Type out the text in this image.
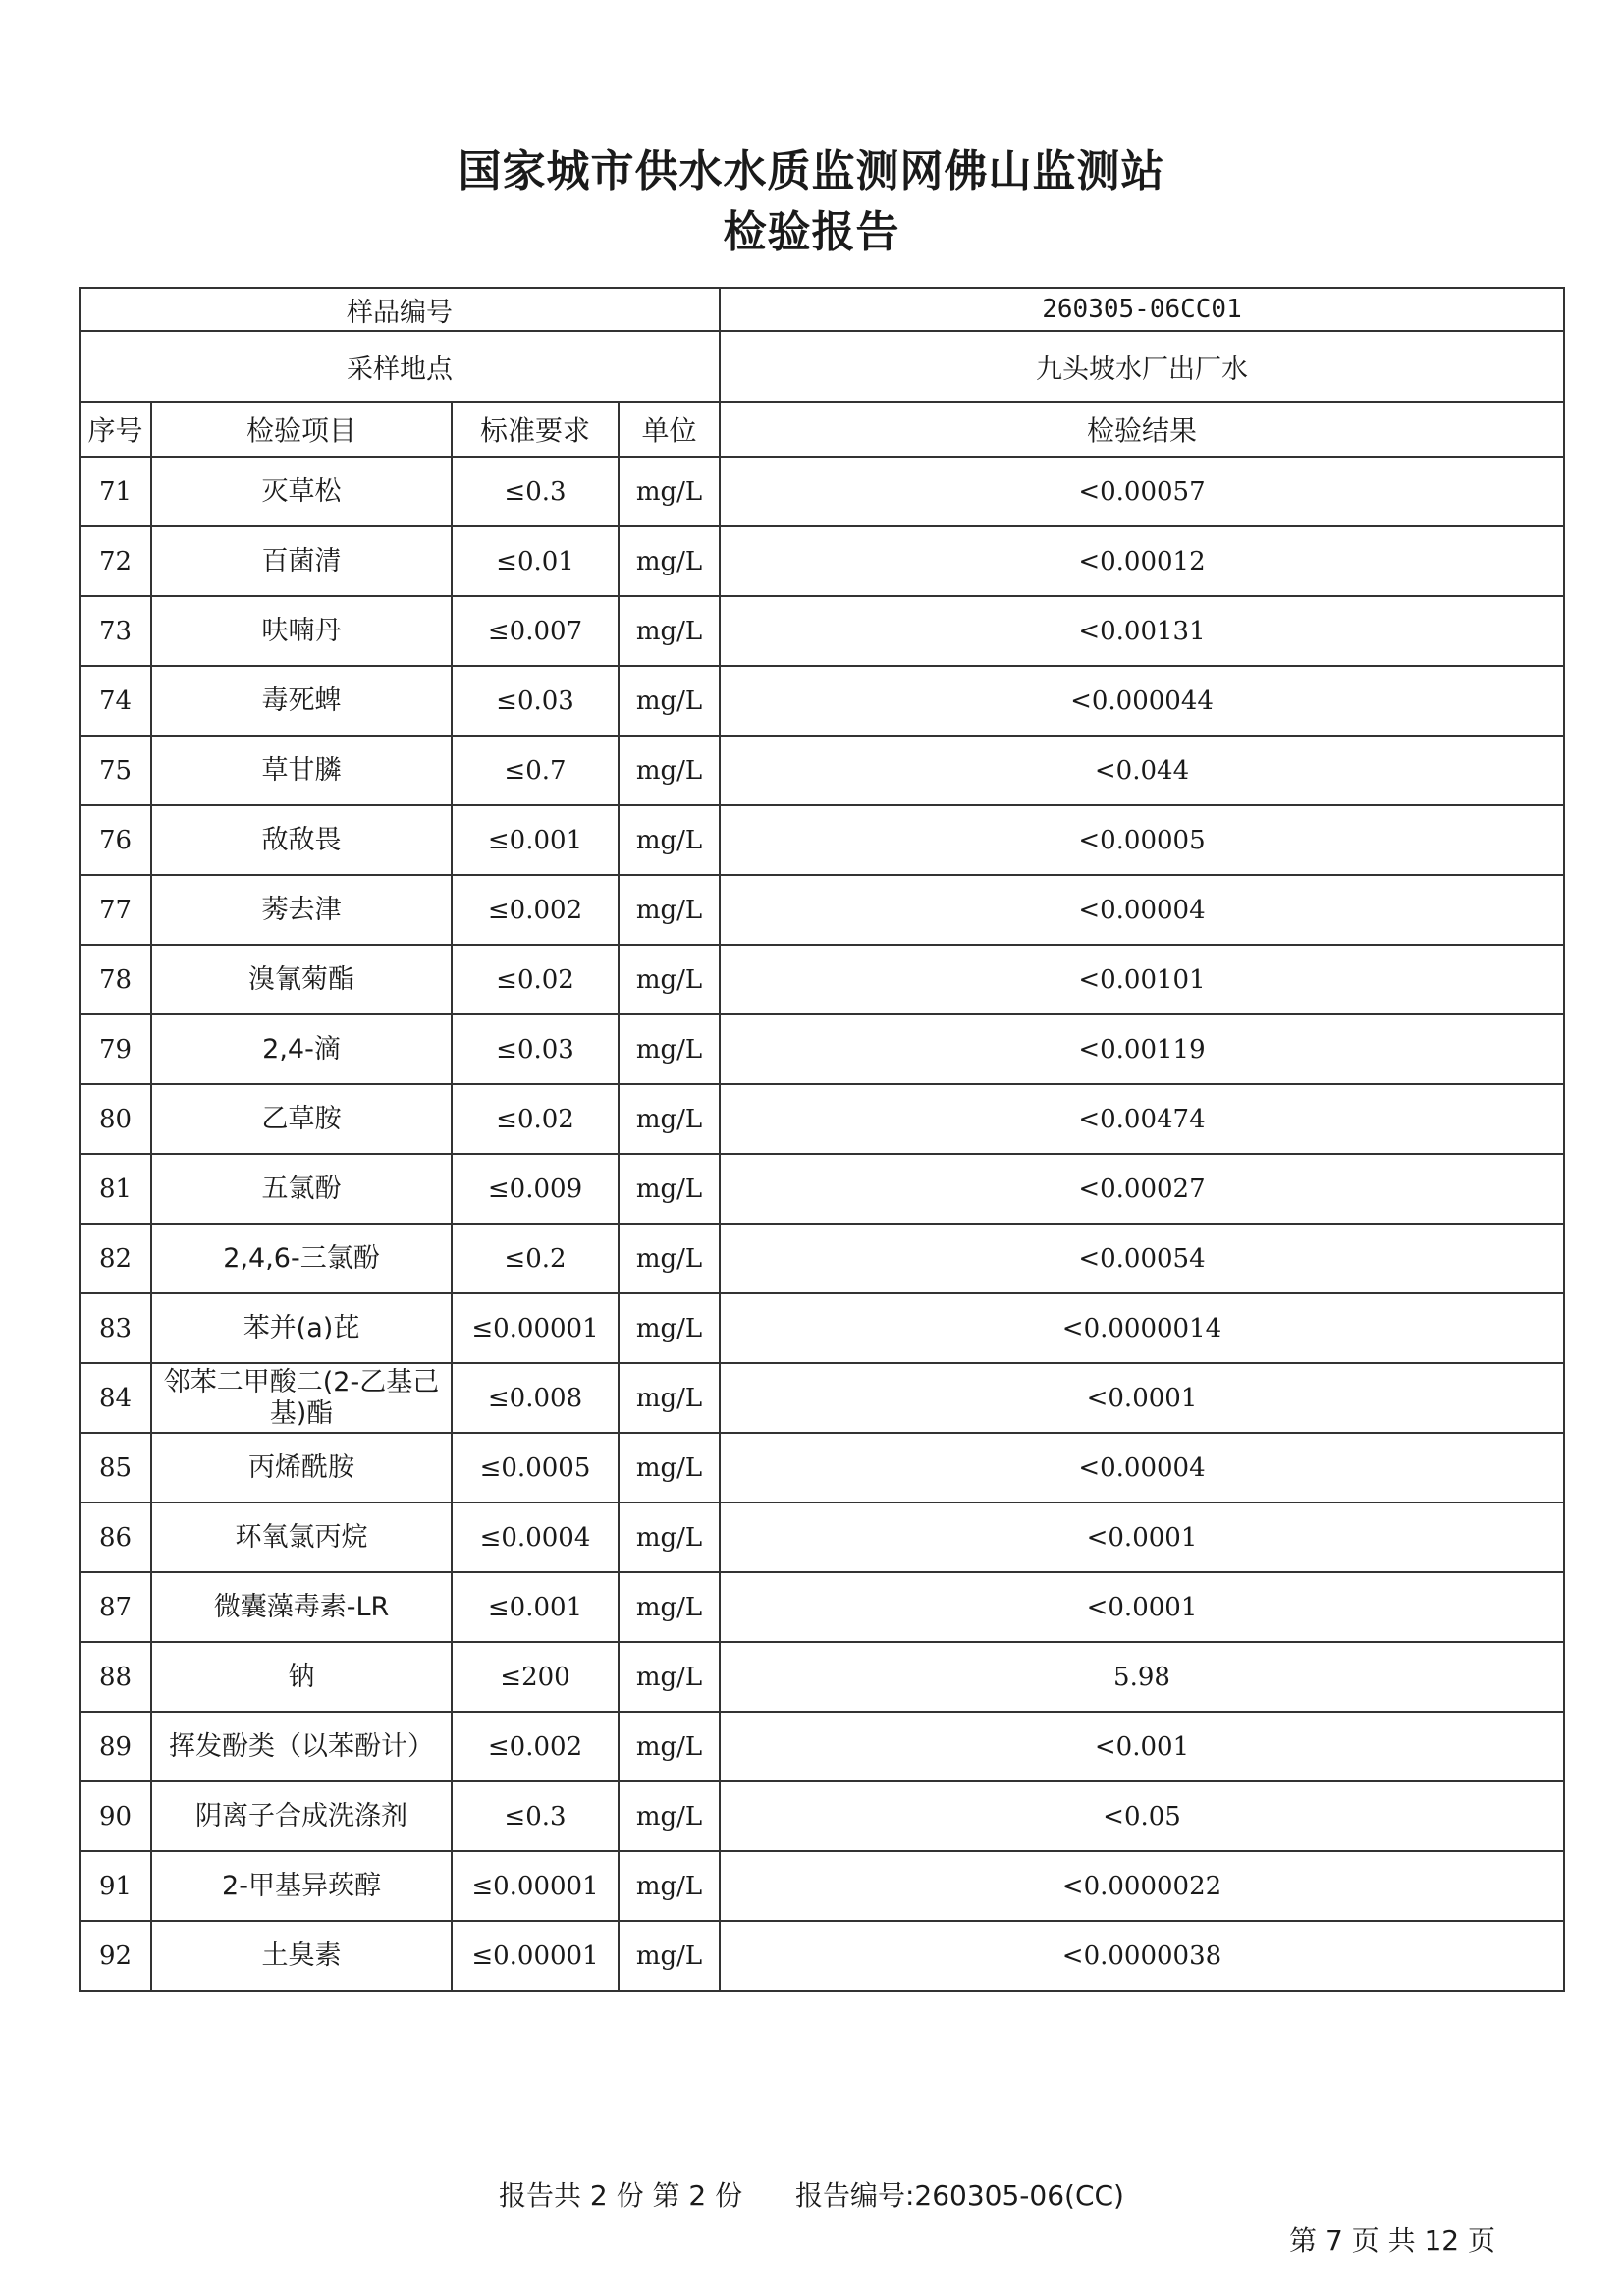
国家城市供水水质监测网佛山监测站
检验报告
样品编号				260305-06CC01
采样地点				九头坡水厂出厂水
序号	检验项目	标准要求	单位	检验结果
71	灭草松	≤0.3	mg/L	<0.00057
72	百菌清	≤0.01	mg/L	<0.00012
73	呋喃丹	≤0.007	mg/L	<0.00131
74	毒死蜱	≤0.03	mg/L	<0.000044
75	草甘膦	≤0.7	mg/L	<0.044
76	敌敌畏	≤0.001	mg/L	<0.00005
77	莠去津	≤0.002	mg/L	<0.00004
78	溴氰菊酯	≤0.02	mg/L	<0.00101
79	2,4-滴	≤0.03	mg/L	<0.00119
80	乙草胺	≤0.02	mg/L	<0.00474
81	五氯酚	≤0.009	mg/L	<0.00027
82	2,4,6-三氯酚	≤0.2	mg/L	<0.00054
83	苯并(a)芘	≤0.00001	mg/L	<0.0000014
84	邻苯二甲酸二(2-乙基己基)酯	≤0.008	mg/L	<0.0001
85	丙烯酰胺	≤0.0005	mg/L	<0.00004
86	环氧氯丙烷	≤0.0004	mg/L	<0.0001
87	微囊藻毒素-LR	≤0.001	mg/L	<0.0001
88	钠	≤200	mg/L	5.98
89	挥发酚类（以苯酚计）	≤0.002	mg/L	<0.001
90	阴离子合成洗涤剂	≤0.3	mg/L	<0.05
91	2-甲基异莰醇	≤0.00001	mg/L	<0.0000022
92	土臭素	≤0.00001	mg/L	<0.0000038
报告共 2 份 第 2 份 报告编号:260305-06(CC)
第 7 页 共 12 页
